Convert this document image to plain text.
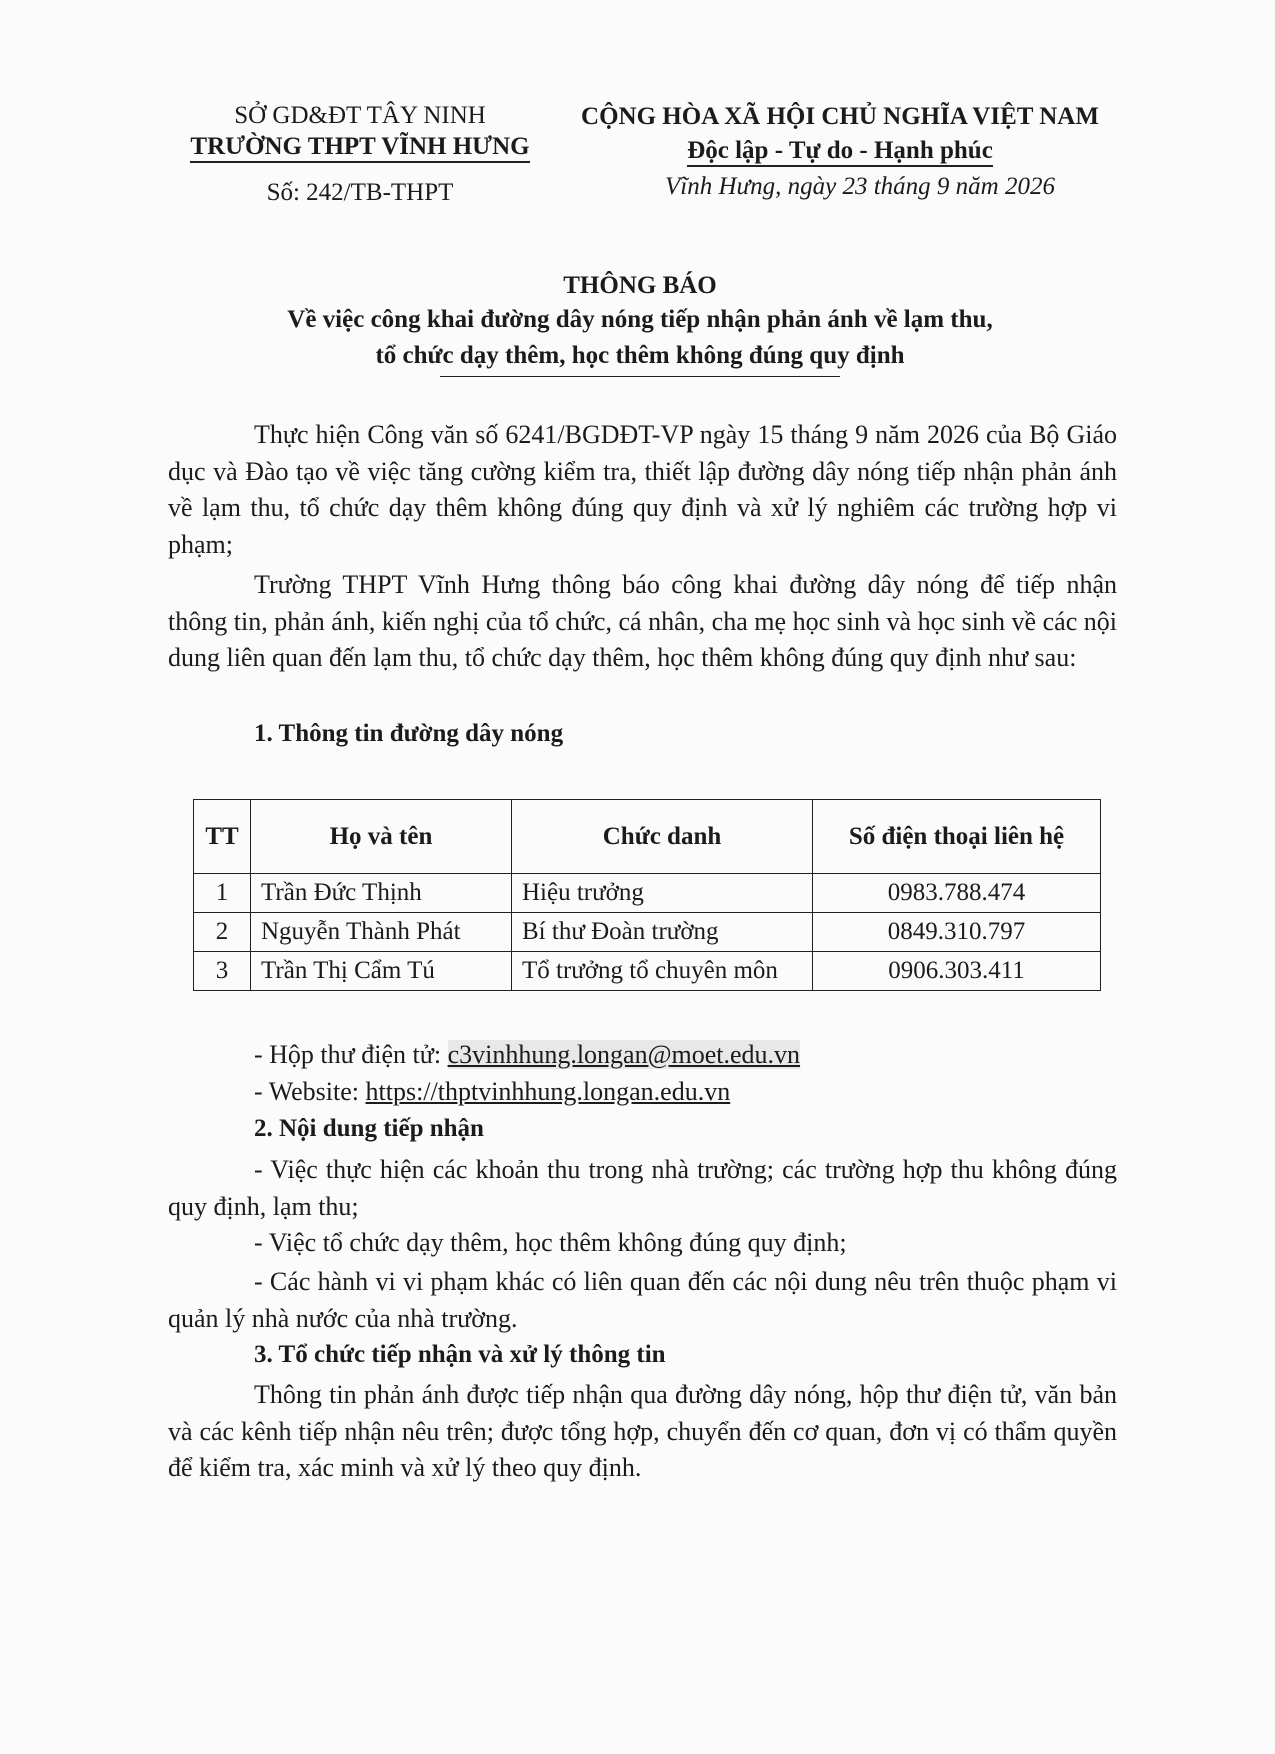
SỞ GD&ĐT TÂY NINH
TRƯỜNG THPT VĨNH HƯNG
Số: 242/TB-THPT
CỘNG HÒA XÃ HỘI CHỦ NGHĨA VIỆT NAM
Độc lập - Tự do - Hạnh phúc
Vĩnh Hưng, ngày 23 tháng 9 năm 2026
THÔNG BÁO
Về việc công khai đường dây nóng tiếp nhận phản ánh về lạm thu,
tổ chức dạy thêm, học thêm không đúng quy định
Thực hiện Công văn số 6241/BGDĐT-VP ngày 15 tháng 9 năm 2026 của Bộ Giáo dục và Đào tạo về việc tăng cường kiểm tra, thiết lập đường dây nóng tiếp nhận phản ánh về lạm thu, tổ chức dạy thêm không đúng quy định và xử lý nghiêm các trường hợp vi phạm;
Trường THPT Vĩnh Hưng thông báo công khai đường dây nóng để tiếp nhận thông tin, phản ánh, kiến nghị của tổ chức, cá nhân, cha mẹ học sinh và học sinh về các nội dung liên quan đến lạm thu, tổ chức dạy thêm, học thêm không đúng quy định như sau:
1. Thông tin đường dây nóng
TT	Họ và tên	Chức danh	Số điện thoại liên hệ
1	Trần Đức Thịnh	Hiệu trưởng	0983.788.474
2	Nguyễn Thành Phát	Bí thư Đoàn trường	0849.310.797
3	Trần Thị Cẩm Tú	Tổ trưởng tổ chuyên môn	0906.303.411
- Hộp thư điện tử: c3vinhhung.longan@moet.edu.vn
- Website: https://thptvinhhung.longan.edu.vn
2. Nội dung tiếp nhận
- Việc thực hiện các khoản thu trong nhà trường; các trường hợp thu không đúng quy định, lạm thu;
- Việc tổ chức dạy thêm, học thêm không đúng quy định;
- Các hành vi vi phạm khác có liên quan đến các nội dung nêu trên thuộc phạm vi quản lý nhà nước của nhà trường.
3. Tổ chức tiếp nhận và xử lý thông tin
Thông tin phản ánh được tiếp nhận qua đường dây nóng, hộp thư điện tử, văn bản và các kênh tiếp nhận nêu trên; được tổng hợp, chuyển đến cơ quan, đơn vị có thẩm quyền để kiểm tra, xác minh và xử lý theo quy định.
